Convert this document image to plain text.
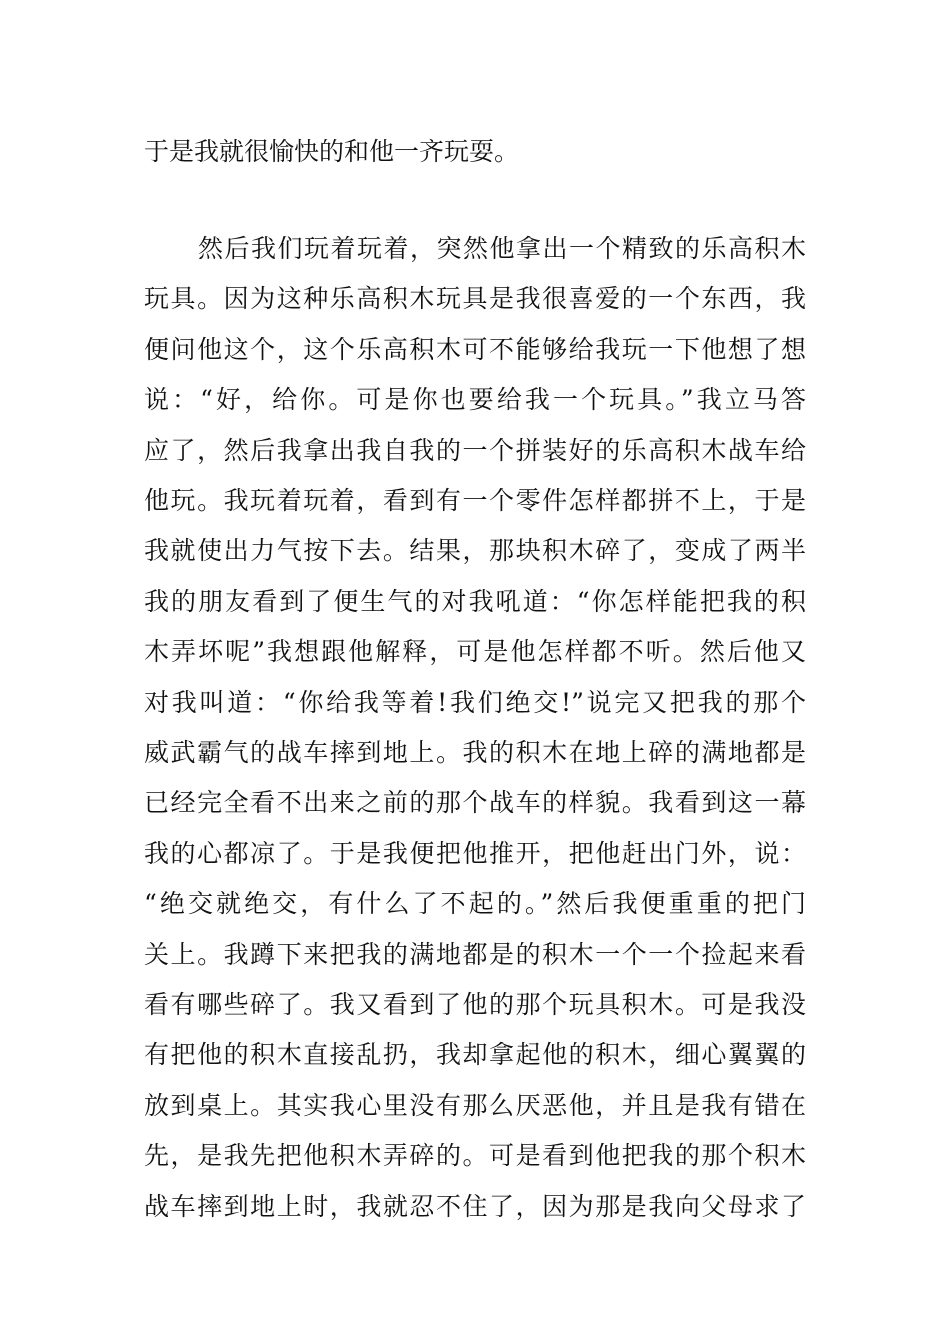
于是我就很愉快的和他一齐玩耍。
然后我们玩着玩着，突然他拿出一个精致的乐高积木
玩具。因为这种乐高积木玩具是我很喜爱的一个东西，我
便问他这个，这个乐高积木可不能够给我玩一下他想了想
说：“好，给你。可是你也要给我一个玩具。”我立马答
应了，然后我拿出我自我的一个拼装好的乐高积木战车给
他玩。我玩着玩着，看到有一个零件怎样都拼不上，于是
我就使出力气按下去。结果，那块积木碎了，变成了两半
我的朋友看到了便生气的对我吼道：“你怎样能把我的积
木弄坏呢”我想跟他解释，可是他怎样都不听。然后他又
对我叫道：“你给我等着!我们绝交!”说完又把我的那个
威武霸气的战车摔到地上。我的积木在地上碎的满地都是
已经完全看不出来之前的那个战车的样貌。我看到这一幕
我的心都凉了。于是我便把他推开，把他赶出门外，说：
“绝交就绝交，有什么了不起的。”然后我便重重的把门
关上。我蹲下来把我的满地都是的积木一个一个捡起来看
看有哪些碎了。我又看到了他的那个玩具积木。可是我没
有把他的积木直接乱扔，我却拿起他的积木，细心翼翼的
放到桌上。其实我心里没有那么厌恶他，并且是我有错在
先，是我先把他积木弄碎的。可是看到他把我的那个积木
战车摔到地上时，我就忍不住了，因为那是我向父母求了
